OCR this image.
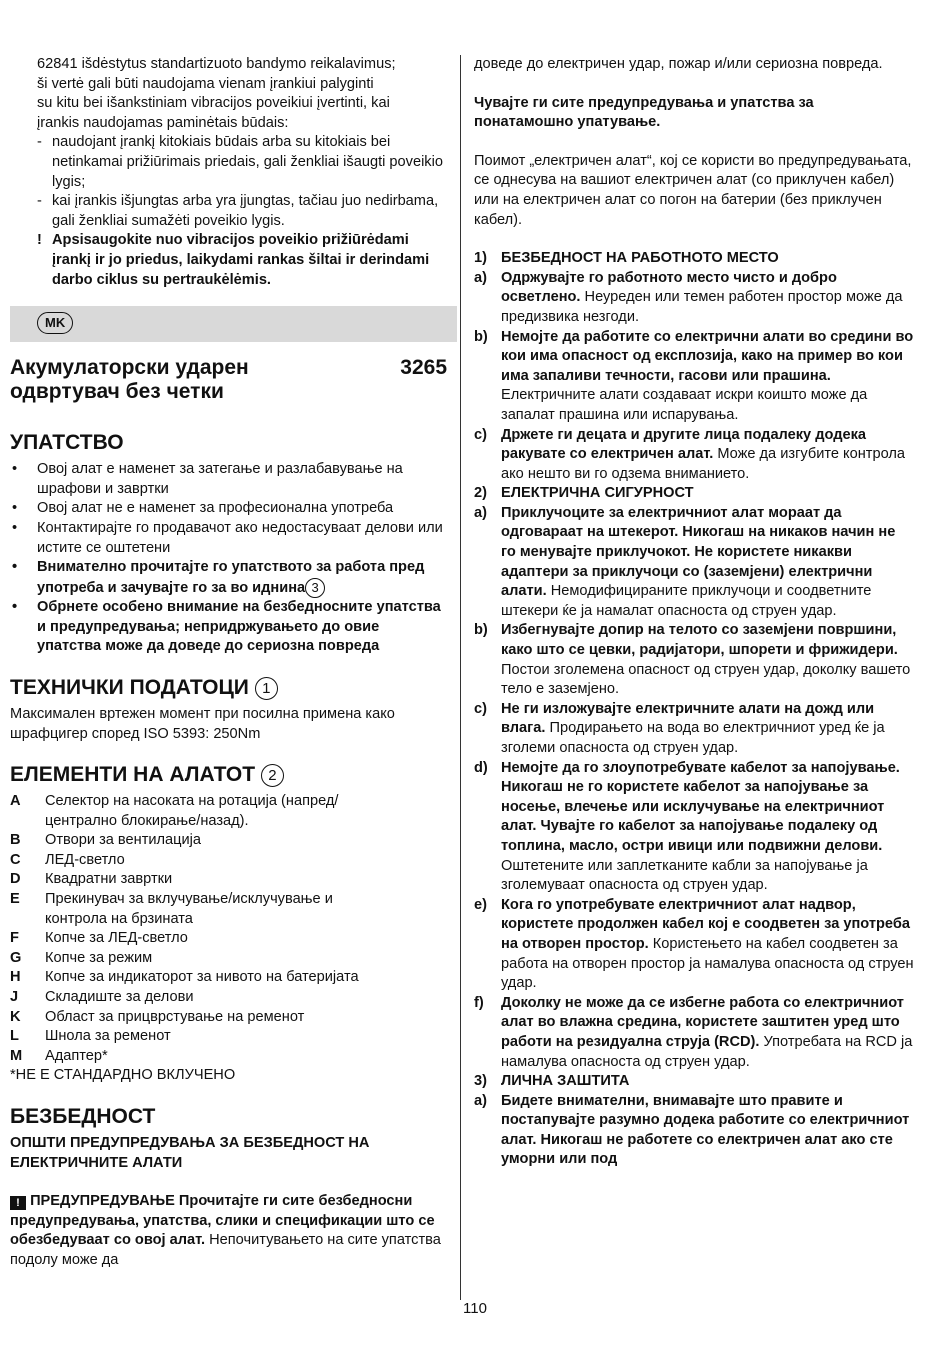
62841 išdėstytus standartizuoto bandymo reikalavimus;

ši vertė gali būti naudojama vienam įrankiui palyginti

su kitu bei išankstiniam vibracijos poveikiui įvertinti, kai

įrankis naudojamas paminėtais būdais:

- naudojant įrankį kitokiais būdais arba su kitokiais bei netinkamai prižiūrimais priedais, gali ženkliai išaugti poveikio lygis;
- kai įrankis išjungtas arba yra įjungtas, tačiau juo nedirbama, gali ženkliai sumažėti poveikio lygis.
! Apsisaugokite nuo vibracijos poveikio prižiūrėdami įrankį ir jo priedus, laikydami rankas šiltai ir derindami darbo ciklus su pertraukėlėmis.
MK
Акумулаторски ударен одвртувач без четки
3265
УПАТСТВО
• Овој алат е наменет за затегање и разлабавување на шрафови и завртки
• Овој алат не е наменет за професионална употреба
• Контактирајте го продавачот ако недостасуваат делови или истите се оштетени
• Внимателно прочитајте го упатството за работа пред употреба и зачувајте го за во иднина 3
• Обрнете особено внимание на безбедносните упатства и предупредувања; непридржувањето до овие упатства може да доведе до сериозна повреда
ТЕХНИЧКИ ПОДАТОЦИ 1

Максимален вртежен момент при посилна примена како шрафцигер според ISO 5393: 250Nm

ЕЛЕМЕНТИ НА АЛАТОТ 2
A	Селектор на насоката на ротација (напред/ централно блокирање/назад).
B	Отвори за вентилација
C	ЛЕД-светло
D	Квадратни завртки
E	Прекинувач за вклучување/исклучување и контрола на брзината
F	Копче за ЛЕД-светло
G	Копче за режим
H	Копче за индикаторот за нивото на батеријата
J	Складиште за делови
K	Област за прицврстување на ременот
L	Шнола за ременот
M	Адаптер*

*НЕ Е СТАНДАРДНО ВКЛУЧЕНО

БЕЗБЕДНОСТ

ОПШТИ ПРЕДУПРЕДУВАЊА ЗА БЕЗБЕДНОСТ НА ЕЛЕКТРИЧНИТЕ АЛАТИ

! ПРЕДУПРЕДУВАЊЕ Прочитајте ги сите безбедносни предупредувања, упатства, слики и спецификации што се обезбедуваат со овој алат. Непочитувањето на сите упатства подолу може да

доведе до електричен удар, пожар и/или сериозна повреда.

Чувајте ги сите предупредувања и упатства за понатамошно упатување.

Поимот „електричен алат“, кој се користи во предупредувањата, се однесува на вашиот електричен алат (со приклучен кабел) или на електричен алат со погон на батерии (без приклучен кабел).

1) БЕЗБЕДНОСТ НА РАБОТНОТО МЕСТО
a) Одржувајте го работното место чисто и добро осветлено. Неуреден или темен работен простор може да предизвика незгоди.
b) Немојте да работите со електрични алати во средини во кои има опасност од експлозија, како на пример во кои има запаливи течности, гасови или прашина. Електричните алати создаваат искри коишто може да запалат прашина или испарувања.
c) Држете ги децата и другите лица подалеку додека ракувате со електричен алат. Може да изгубите контрола ако нешто ви го одзема вниманието.
2) ЕЛЕКТРИЧНА СИГУРНОСТ
a) Приклучоците за електричниот алат мораат да одговараат на штекерот. Никогаш на никаков начин не го менувајте приклучокот. Не користете никакви адаптери за приклучоци со (заземјени) електрични алати. Немодифицираните приклучоци и соодветните штекери ќе ја намалат опасноста од струен удар.
b) Избегнувајте допир на телото со заземјени површини, како што се цевки, радијатори, шпорети и фрижидери. Постои зголемена опасност од струен удар, доколку вашето тело е заземјено.
c) Не ги изложувајте електричните алати на дожд или влага. Продирањето на вода во електричниот уред ќе ја зголеми опасноста од струен удар.
d) Немојте да го злоупотребувате кабелот за напојување. Никогаш не го користете кабелот за напојување за носење, влечење или исклучување на електричниот алат. Чувајте го кабелот за напојување подалеку од топлина, масло, остри ивици или подвижни делови. Оштетените или заплетканите кабли за напојување ја зголемуваат опасноста од струен удар.
e) Кога го употребувате електричниот алат надвор, користете продолжен кабел кој е соодветен за употреба на отворен простор. Користењето на кабел соодветен за работа на отворен простор ја намалува опасноста од струен удар.
f) Доколку не може да се избегне работа со електричниот алат во влажна средина, користете заштитен уред што работи на резидуална струја (RCD). Употребата на RCD ја намалува опасноста од струен удар.
3) ЛИЧНА ЗАШТИТА
a) Бидете внимателни, внимавајте што правите и постапувајте разумно додека работите со електричниот алат. Никогаш не работете со електричен алат ако сте уморни или под
110
